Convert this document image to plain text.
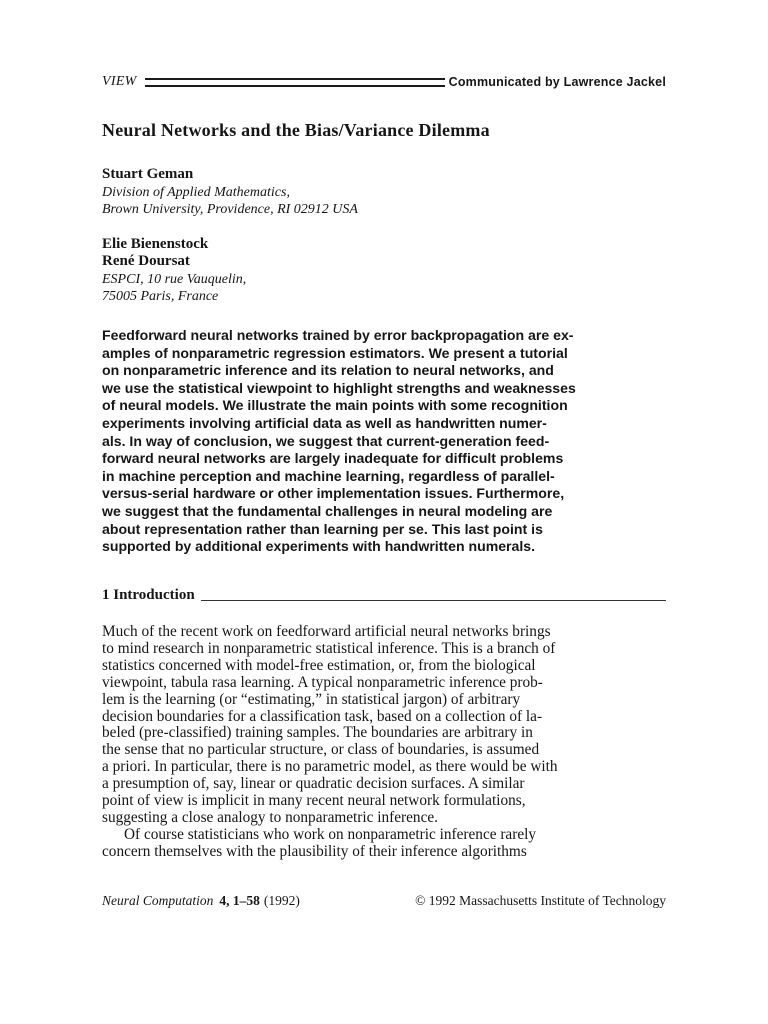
VIEW	Communicated by Lawrence Jackel
Neural Networks and the Bias/Variance Dilemma
Stuart Geman
Division of Applied Mathematics,
Brown University, Providence, RI 02912 USA
Elie Bienenstock
René Doursat
ESPCI, 10 rue Vauquelin,
75005 Paris, France

Feedforward neural networks trained by error backpropagation are ex-
amples of nonparametric regression estimators. We present a tutorial
on nonparametric inference and its relation to neural networks, and
we use the statistical viewpoint to highlight strengths and weaknesses
of neural models. We illustrate the main points with some recognition
experiments involving artificial data as well as handwritten numer-
als. In way of conclusion, we suggest that current-generation feed-
forward neural networks are largely inadequate for difficult problems
in machine perception and machine learning, regardless of parallel-
versus-serial hardware or other implementation issues. Furthermore,
we suggest that the fundamental challenges in neural modeling are
about representation rather than learning per se. This last point is
supported by additional experiments with handwritten numerals.

1 Introduction

Much of the recent work on feedforward artificial neural networks brings
to mind research in nonparametric statistical inference. This is a branch of
statistics concerned with model-free estimation, or, from the biological
viewpoint, tabula rasa learning. A typical nonparametric inference prob-
lem is the learning (or “estimating,” in statistical jargon) of arbitrary
decision boundaries for a classification task, based on a collection of la-
beled (pre-classified) training samples. The boundaries are arbitrary in
the sense that no particular structure, or class of boundaries, is assumed
a priori. In particular, there is no parametric model, as there would be with
a presumption of, say, linear or quadratic decision surfaces. A similar
point of view is implicit in many recent neural network formulations,
suggesting a close analogy to nonparametric inference.
Of course statisticians who work on nonparametric inference rarely
concern themselves with the plausibility of their inference algorithms

Neural Computation 4, 1–58 (1992)	© 1992 Massachusetts Institute of Technology
